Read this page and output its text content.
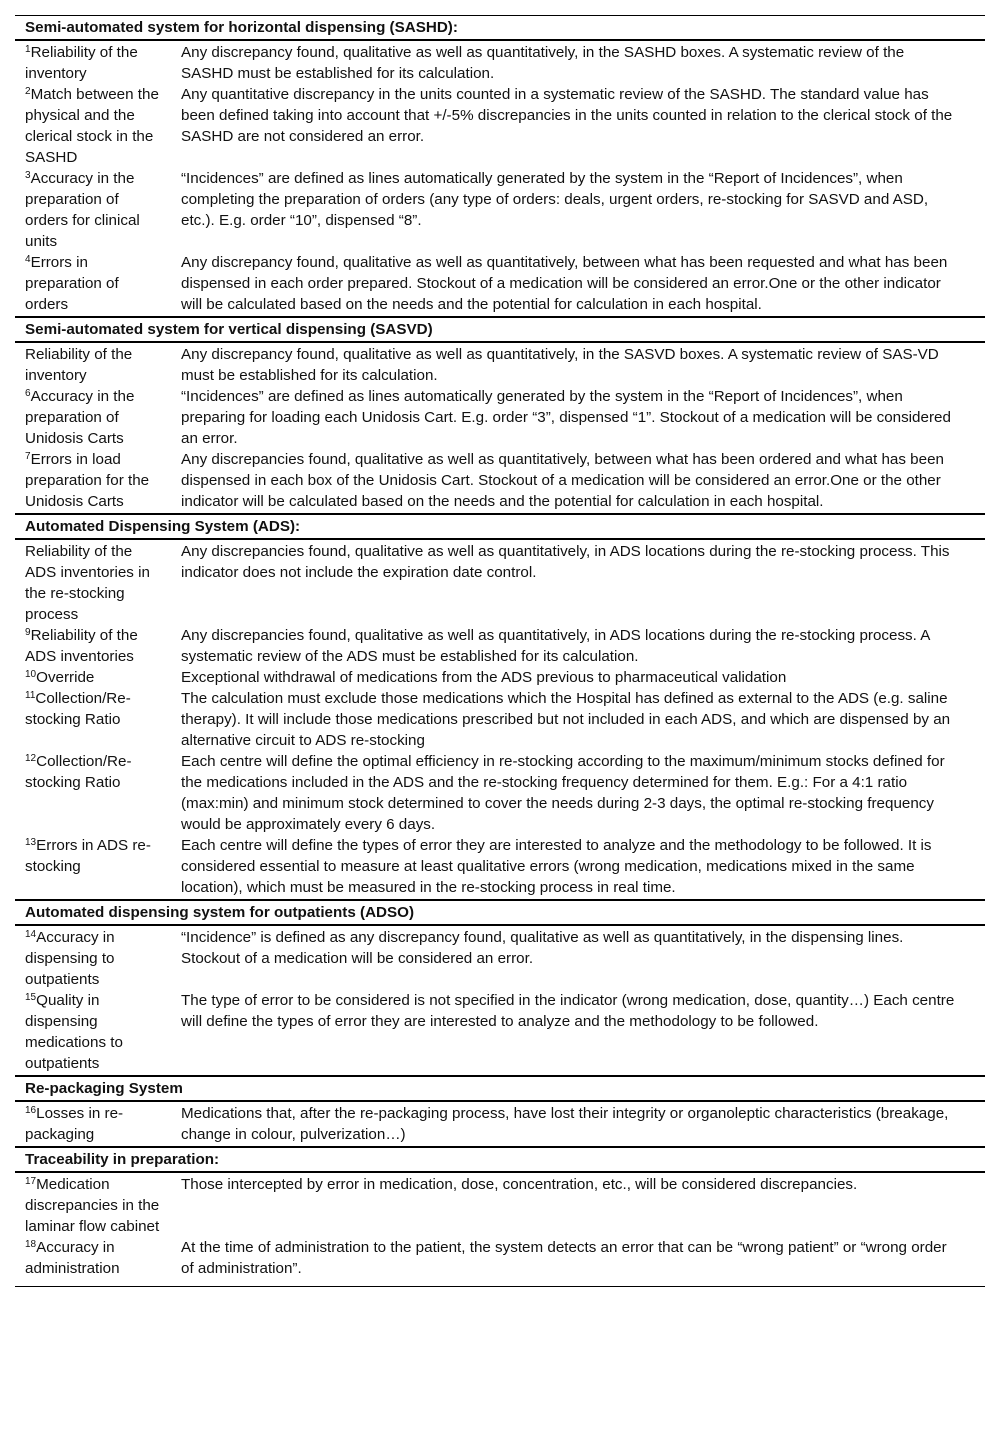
Semi-automated system for horizontal dispensing (SASHD):	
$^1$Reliability of the inventory	Any discrepancy found, qualitative as well as quantitatively, in the SASHD boxes. A systematic review of the SASHD must be established for its calculation.
$^2$Match between the physical and the clerical stock in the SASHD	Any quantitative discrepancy in the units counted in a systematic review of the SASHD. The standard value has been defined taking into account that +/-5% discrepancies in the units counted in relation to the clerical stock of the SASHD are not considered an error.
$^3$Accuracy in the preparation of orders for clinical units	“Incidences” are defined as lines automatically generated by the system in the “Report of Incidences”, when completing the preparation of orders (any type of orders: deals, urgent orders, re-stocking for SASVD and ASD, etc.). E.g. order “10”, dispensed “8”.
$^4$Errors in preparation of orders	Any discrepancy found, qualitative as well as quantitatively, between what has been requested and what has been dispensed in each order prepared. Stockout of a medication will be considered an error.One or the other indicator will be calculated based on the needs and the potential for calculation in each hospital.
Semi-automated system for vertical dispensing (SASVD)	
Reliability of the inventory	Any discrepancy found, qualitative as well as quantitatively, in the SASVD boxes. A systematic review of SAS-VD must be established for its calculation.
$^6$Accuracy in the preparation of Unidosis Carts	“Incidences” are defined as lines automatically generated by the system in the “Report of Incidences”, when preparing for loading each Unidosis Cart. E.g. order “3”, dispensed “1”. Stockout of a medication will be considered an error.
$^7$Errors in load preparation for the Unidosis Carts	Any discrepancies found, qualitative as well as quantitatively, between what has been ordered and what has been dispensed in each box of the Unidosis Cart. Stockout of a medication will be considered an error.One or the other indicator will be calculated based on the needs and the potential for calculation in each hospital.
Automated Dispensing System (ADS):	
Reliability of the ADS inventories in the re-stocking process	Any discrepancies found, qualitative as well as quantitatively, in ADS locations during the re-stocking process. This indicator does not include the expiration date control.
$^9$Reliability of the ADS inventories	Any discrepancies found, qualitative as well as quantitatively, in ADS locations during the re-stocking process. A systematic review of the ADS must be established for its calculation.
$^{10}$Override	Exceptional withdrawal of medications from the ADS previous to pharmaceutical validation
$^{11}$Collection/Re-stocking Ratio	The calculation must exclude those medications which the Hospital has defined as external to the ADS (e.g. saline therapy). It will include those medications prescribed but not included in each ADS, and which are dispensed by an alternative circuit to ADS re-stocking
$^{12}$Collection/Re-stocking Ratio	Each centre will define the optimal efficiency in re-stocking according to the maximum/minimum stocks defined for the medications included in the ADS and the re-stocking frequency determined for them. E.g.: For a 4:1 ratio (max:min) and minimum stock determined to cover the needs during 2-3 days, the optimal re-stocking frequency would be approximately every 6 days.
$^{13}$Errors in ADS re-stocking	Each centre will define the types of error they are interested to analyze and the methodology to be followed. It is considered essential to measure at least qualitative errors (wrong medication, medications mixed in the same location), which must be measured in the re-stocking process in real time.
Automated dispensing system for outpatients (ADSO)	
$^{14}$Accuracy in dispensing to outpatients	“Incidence” is defined as any discrepancy found, qualitative as well as quantitatively, in the dispensing lines. Stockout of a medication will be considered an error.
$^{15}$Quality in dispensing medications to outpatients	The type of error to be considered is not specified in the indicator (wrong medication, dose, quantity…) Each centre will define the types of error they are interested to analyze and the methodology to be followed.
Re-packaging System	
$^{16}$Losses in re-packaging	Medications that, after the re-packaging process, have lost their integrity or organoleptic characteristics (breakage, change in colour, pulverization…)
Traceability in preparation:	
$^{17}$Medication discrepancies in the laminar flow cabinet	Those intercepted by error in medication, dose, concentration, etc., will be considered discrepancies.
$^{18}$Accuracy in administration	At the time of administration to the patient, the system detects an error that can be “wrong patient” or “wrong order of administration”.
